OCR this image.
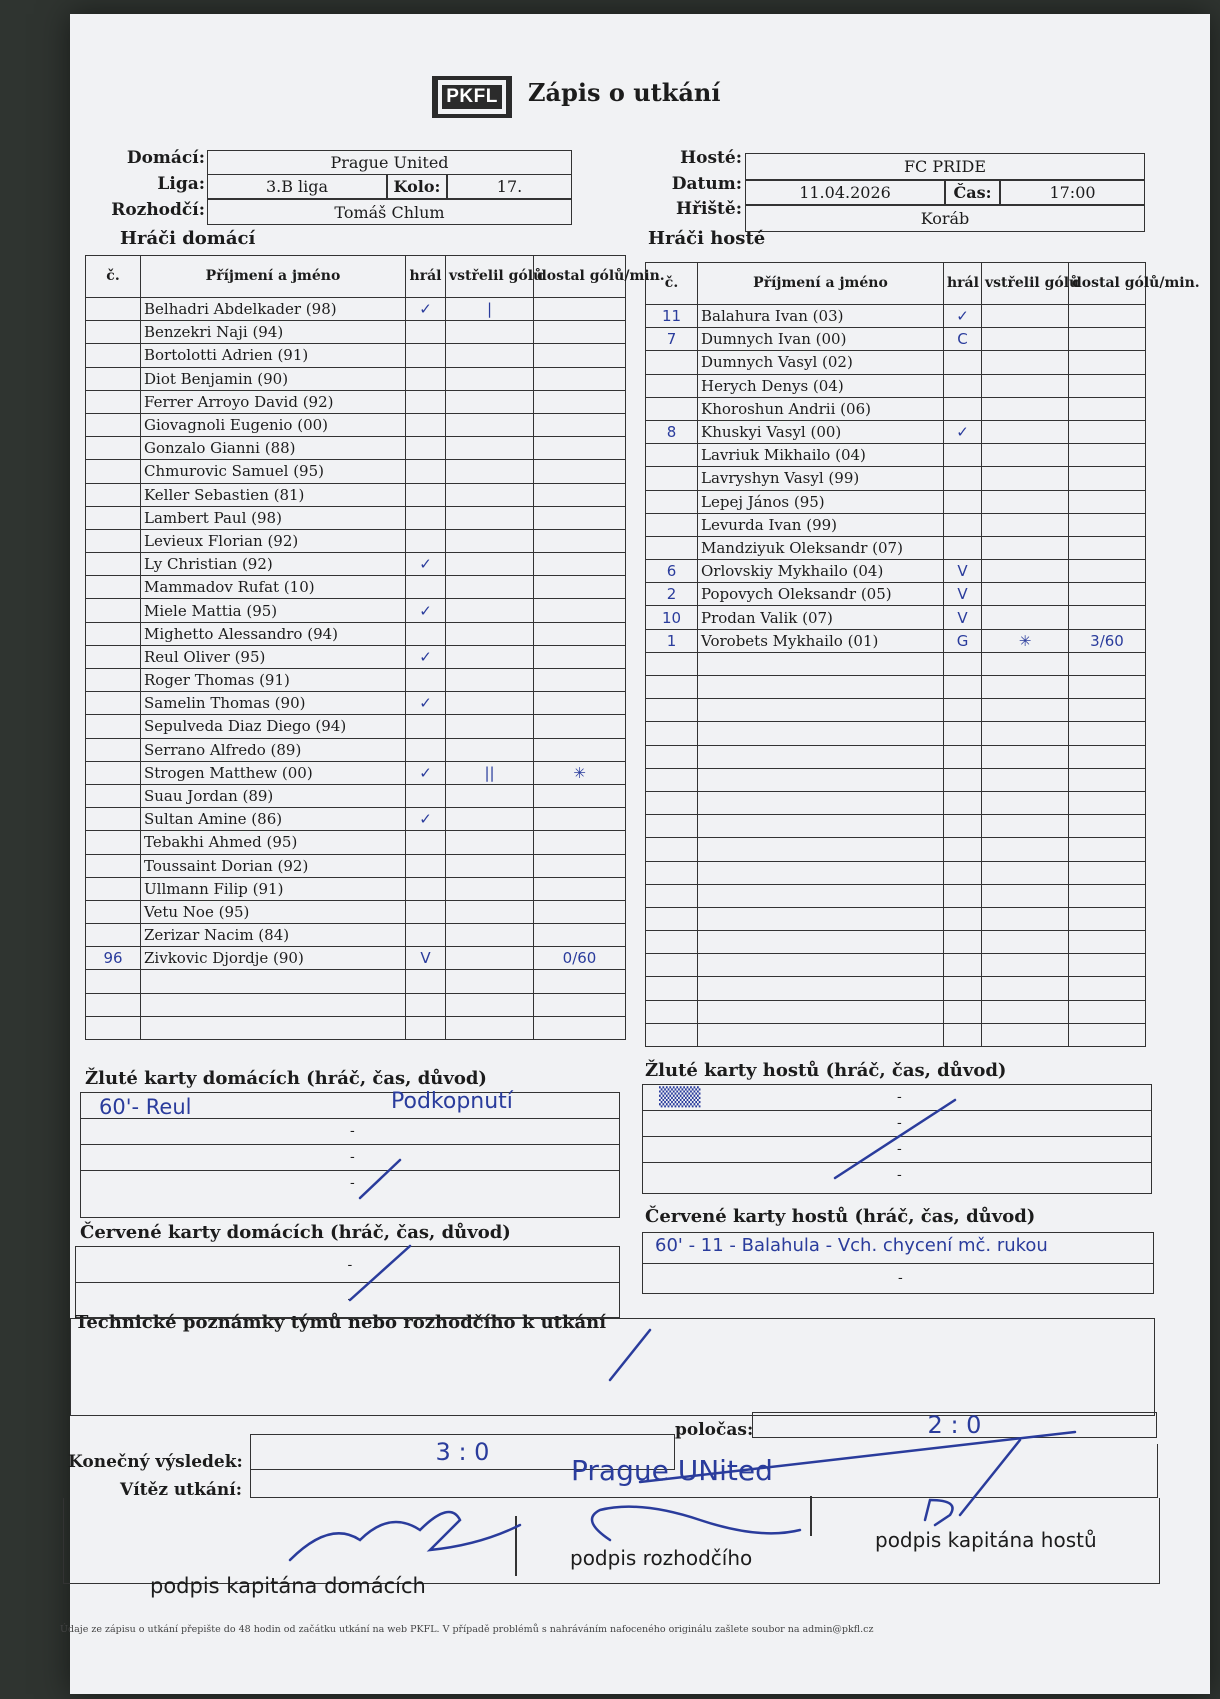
PKFL Zápis o utkání
Domácí:	Prague United
Liga:	3.B liga	Kolo:	17.
Rozhodčí:	Tomáš Chlum
Hosté:	FC PRIDE
Datum:	11.04.2026	Čas:	17:00
Hřiště:	Koráb
Hráči domácí	Hráči hosté
č.	Příjmení a jméno	hrál	vstřelil gólů	dostal gólů/min.
	Belhadri Abdelkader (98)	✓	|	
	Benzekri Naji (94)			
	Bortolotti Adrien (91)			
	Diot Benjamin (90)			
	Ferrer Arroyo David (92)			
	Giovagnoli Eugenio (00)			
	Gonzalo Gianni (88)			
	Chmurovic Samuel (95)			
	Keller Sebastien (81)			
	Lambert Paul (98)			
	Levieux Florian (92)			
	Ly Christian (92)	✓		
	Mammadov Rufat (10)			
	Miele Mattia (95)	✓		
	Mighetto Alessandro (94)			
	Reul Oliver (95)	✓		
	Roger Thomas (91)			
	Samelin Thomas (90)	✓		
	Sepulveda Diaz Diego (94)			
	Serrano Alfredo (89)			
	Strogen Matthew (00)	✓	||	✳
	Suau Jordan (89)			
	Sultan Amine (86)	✓		
	Tebakhi Ahmed (95)			
	Toussaint Dorian (92)			
	Ullmann Filip (91)			
	Vetu Noe (95)			
	Zerizar Nacim (84)			
96	Zivkovic Djordje (90)	V		0/60

č.	Příjmení a jméno	hrál	vstřelil gólů	dostal gólů/min.
11	Balahura Ivan (03)	✓		
7	Dumnych Ivan (00)	C		
	Dumnych Vasyl (02)			
	Herych Denys (04)			
	Khoroshun Andrii (06)			
8	Khuskyi Vasyl (00)	✓		
	Lavriuk Mikhailo (04)			
	Lavryshyn Vasyl (99)			
	Lepej János (95)			
	Levurda Ivan (99)			
	Mandziyuk Oleksandr (07)			
6	Orlovskiy Mykhailo (04)	V		
2	Popovych Oleksandr (05)	V		
10	Prodan Valik (07)	V		
1	Vorobets Mykhailo (01)	G	✳	3/60

Žluté karty domácích (hráč, čas, důvod)
60'- Reul	Podkopnutí
-
-
-
Žluté karty hostů (hráč, čas, důvod)
▒▒▒	-
-
-
-
Červené karty domácích (hráč, čas, důvod)
-
-
Červené karty hostů (hráč, čas, důvod)
60' - 11 - Balahula - Vch. chycení mč. rukou
-
Technické poznámky týmů nebo rozhodčího k utkání
Konečný výsledek:	3 : 0
poločas:	2 : 0
Vítěz utkání:
Prague UNited
podpis kapitána domácích
podpis rozhodčího
podpis kapitána hostů
Údaje ze zápisu o utkání přepište do 48 hodin od začátku utkání na web PKFL. V případě problémů s nahráváním nafoceného originálu zašlete soubor na admin@pkfl.cz
